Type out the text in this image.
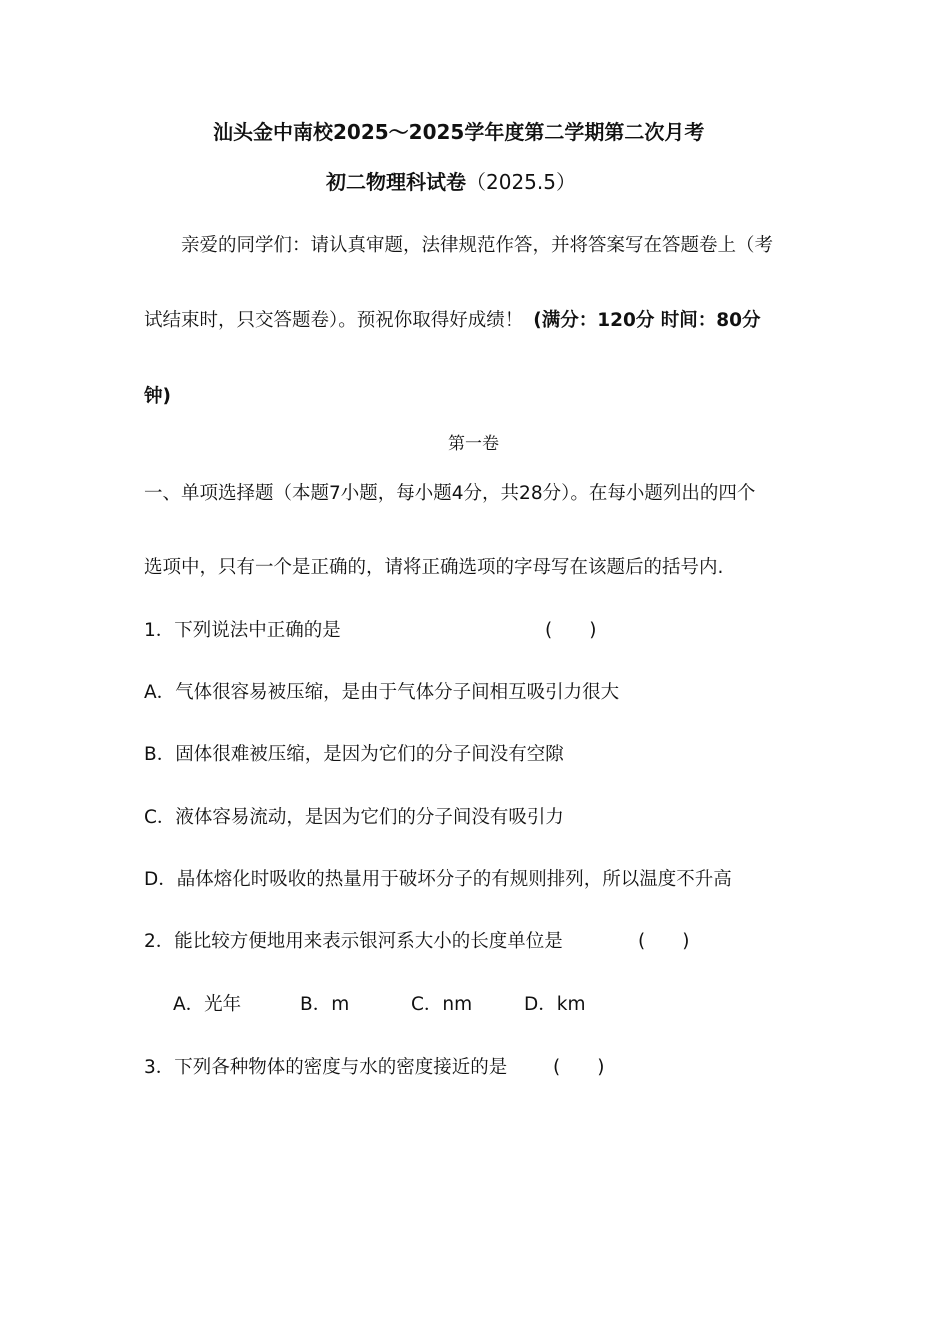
汕头金中南校2025～2025学年度第二学期第二次月考
初二物理科试卷（2025.5）
亲爱的同学们：请认真审题，法律规范作答，并将答案写在答题卷上（考
试结束时，只交答题卷）。预祝你取得好成绩！ (满分：120分 时间：80分
钟)
第一卷
一、单项选择题（本题7小题，每小题4分，共28分）。在每小题列出的四个
选项中，只有一个是正确的，请将正确选项的字母写在该题后的括号内.
1．下列说法中正确的是	(　　)
A．气体很容易被压缩，是由于气体分子间相互吸引力很大
B．固体很难被压缩，是因为它们的分子间没有空隙
C．液体容易流动，是因为它们的分子间没有吸引力
D．晶体熔化时吸收的热量用于破坏分子的有规则排列，所以温度不升高
2．能比较方便地用来表示银河系大小的长度单位是	(　　)
A．光年	B．m	C．nm	D．km
3．下列各种物体的密度与水的密度接近的是 (　　)
